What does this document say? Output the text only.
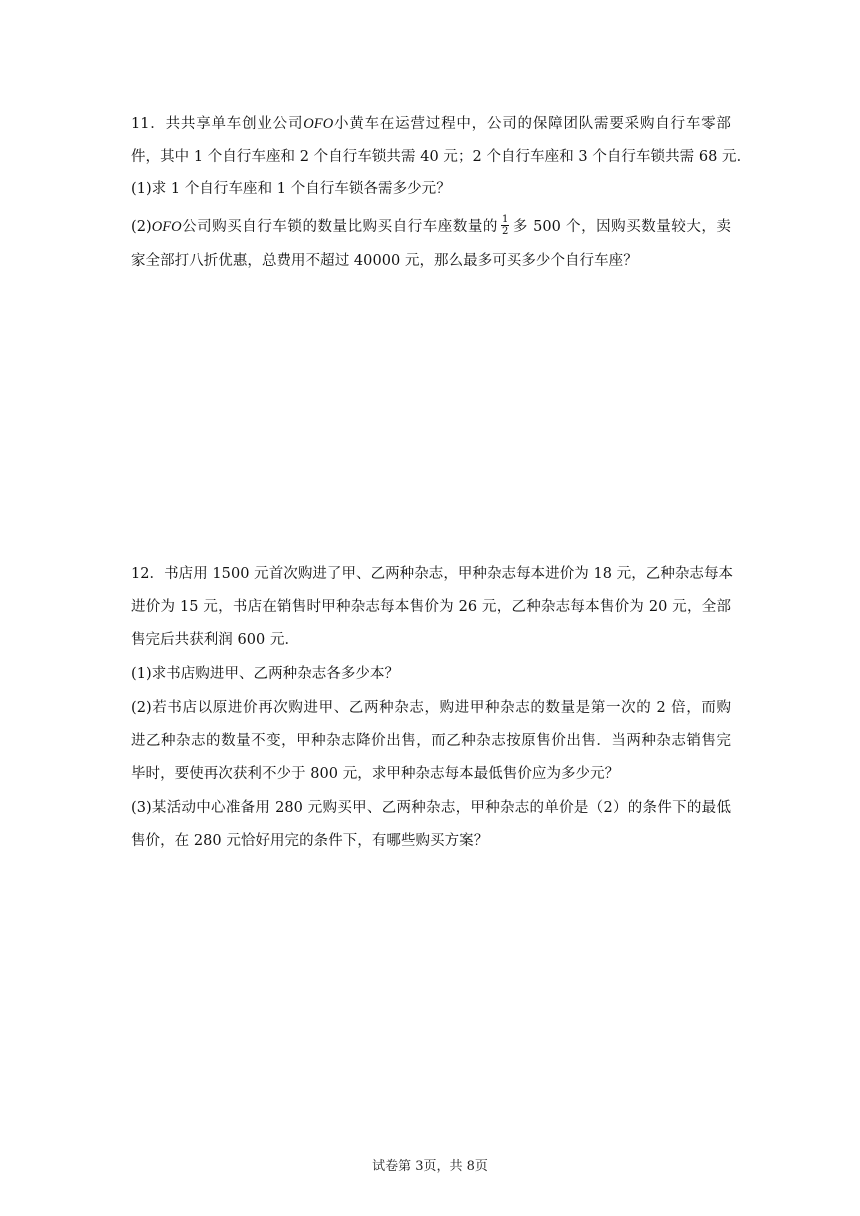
11．共共享单车创业公司OFO小黄车在运营过程中，公司的保障团队需要采购自行车零部

件，其中 1 个自行车座和 2 个自行车锁共需 40 元；2 个自行车座和 3 个自行车锁共需 68 元．

(1)求 1 个自行车座和 1 个自行车锁各需多少元？

(2)OFO公司购买自行车锁的数量比购买自行车座数量的 $\frac{1}{2}$ 多 500 个，因购买数量较大，卖

家全部打八折优惠，总费用不超过 40000 元，那么最多可买多少个自行车座？

12．书店用 1500 元首次购进了甲、乙两种杂志，甲种杂志每本进价为 18 元，乙种杂志每本

进价为 15 元，书店在销售时甲种杂志每本售价为 26 元，乙种杂志每本售价为 20 元，全部

售完后共获利润 600 元．

(1)求书店购进甲、乙两种杂志各多少本？

(2)若书店以原进价再次购进甲、乙两种杂志，购进甲种杂志的数量是第一次的 2 倍，而购

进乙种杂志的数量不变，甲种杂志降价出售，而乙种杂志按原售价出售．当两种杂志销售完

毕时，要使再次获利不少于 800 元，求甲种杂志每本最低售价应为多少元？

(3)某活动中心准备用 280 元购买甲、乙两种杂志，甲种杂志的单价是（2）的条件下的最低

售价，在 280 元恰好用完的条件下，有哪些购买方案？

试卷第 3页，共 8页
